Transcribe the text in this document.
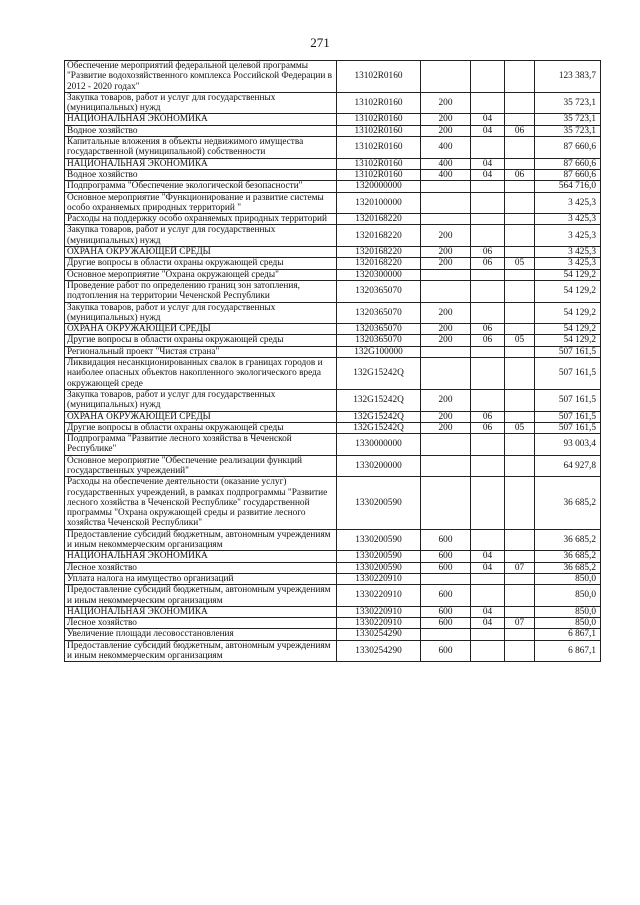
271
Обеспечение мероприятий федеральной целевой программы "Развитие водохозяйственного комплекса Российской Федерации в 2012 - 2020 годах"	13102R0160				123 383,7
Закупка товаров, работ и услуг для государственных (муниципальных) нужд	13102R0160	200			35 723,1
НАЦИОНАЛЬНАЯ ЭКОНОМИКА	13102R0160	200	04		35 723,1
Водное хозяйство	13102R0160	200	04	06	35 723,1
Капитальные вложения в объекты недвижимого имущества государственной (муниципальной) собственности	13102R0160	400			87 660,6
НАЦИОНАЛЬНАЯ ЭКОНОМИКА	13102R0160	400	04		87 660,6
Водное хозяйство	13102R0160	400	04	06	87 660,6
Подпрограмма "Обеспечение экологической безопасности"	1320000000				564 716,0
Основное мероприятие "Функционирование и развитие системы особо охраняемых природных территорий "	1320100000				3 425,3
Расходы на поддержку особо охраняемых природных территорий	1320168220				3 425,3
Закупка товаров, работ и услуг для государственных (муниципальных) нужд	1320168220	200			3 425,3
ОХРАНА ОКРУЖАЮЩЕЙ СРЕДЫ	1320168220	200	06		3 425,3
Другие вопросы в области охраны окружающей среды	1320168220	200	06	05	3 425,3
Основное мероприятие "Охрана окружающей среды"	1320300000				54 129,2
Проведение работ по определению границ зон затопления, подтопления на территории Чеченской Республики	1320365070				54 129,2
Закупка товаров, работ и услуг для государственных (муниципальных) нужд	1320365070	200			54 129,2
ОХРАНА ОКРУЖАЮЩЕЙ СРЕДЫ	1320365070	200	06		54 129,2
Другие вопросы в области охраны окружающей среды	1320365070	200	06	05	54 129,2
Региональный проект "Чистая страна"	132G100000				507 161,5
Ликвидация несанкционированных свалок в границах городов и наиболее опасных объектов накопленного экологического вреда окружающей среде	132G15242Q				507 161,5
Закупка товаров, работ и услуг для государственных (муниципальных) нужд	132G15242Q	200			507 161,5
ОХРАНА ОКРУЖАЮЩЕЙ СРЕДЫ	132G15242Q	200	06		507 161,5
Другие вопросы в области охраны окружающей среды	132G15242Q	200	06	05	507 161,5
Подпрограмма "Развитие лесного хозяйства в Чеченской Республике"	1330000000				93 003,4
Основное мероприятие "Обеспечение реализации функций государственных учреждений"	1330200000				64 927,8
Расходы на обеспечение деятельности (оказание услуг) государственных учреждений, в рамках подпрограммы "Развитие лесного хозяйства в Чеченской Республике" государственной программы "Охрана окружающей среды и развитие лесного хозяйства Чеченской Республики"	1330200590				36 685,2
Предоставление субсидий бюджетным, автономным учреждениям и иным некоммерческим организациям	1330200590	600			36 685,2
НАЦИОНАЛЬНАЯ ЭКОНОМИКА	1330200590	600	04		36 685,2
Лесное хозяйство	1330200590	600	04	07	36 685,2
Уплата налога на имущество организаций	1330220910				850,0
Предоставление субсидий бюджетным, автономным учреждениям и иным некоммерческим организациям	1330220910	600			850,0
НАЦИОНАЛЬНАЯ ЭКОНОМИКА	1330220910	600	04		850,0
Лесное хозяйство	1330220910	600	04	07	850,0
Увеличение площади лесовосстановления	1330254290				6 867,1
Предоставление субсидий бюджетным, автономным учреждениям и иным некоммерческим организациям	1330254290	600			6 867,1
